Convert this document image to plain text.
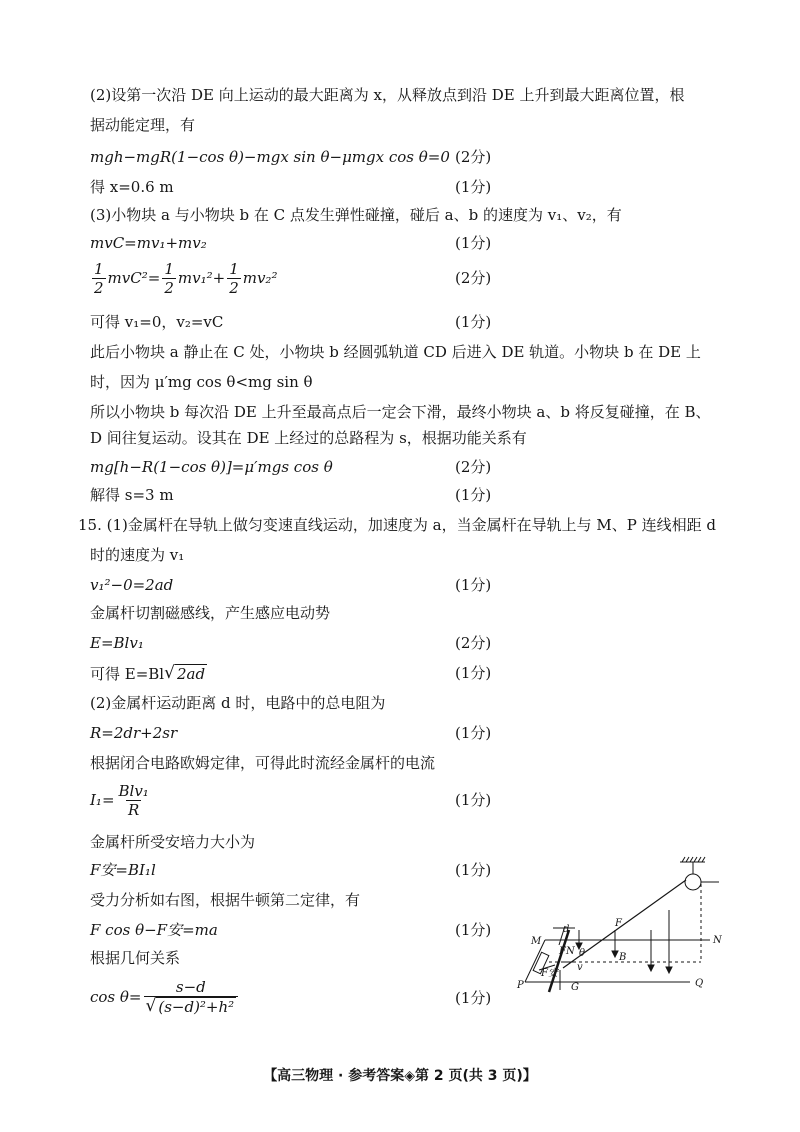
(2)设第一次沿 DE 向上运动的最大距离为 x，从释放点到沿 DE 上升到最大距离位置，根
据动能定理，有
mgh−mgR(1−cos θ)−mgx sin θ−μmgx cos θ=0 (2分)
得 x=0.6 m	(1分)
(3)小物块 a 与小物块 b 在 C 点发生弹性碰撞，碰后 a、b 的速度为 v₁、v₂，有
mvC=mv₁+mv₂	(1分)
$\frac{1}{2} mvC^2 = \frac{1}{2} mv_1^2 + \frac{1}{2} mv_2^2$	(2分)
可得 v₁=0，v₂=vC	(1分)
此后小物块 a 静止在 C 处，小物块 b 经圆弧轨道 CD 后进入 DE 轨道。小物块 b 在 DE 上
时，因为 μ′mg cos θ<mg sin θ
所以小物块 b 每次沿 DE 上升至最高点后一定会下滑，最终小物块 a、b 将反复碰撞，在 B、
D 间往复运动。设其在 DE 上经过的总路程为 s，根据功能关系有
mg[h−R(1−cos θ)]=μ′mgs cos θ	(2分)
解得 s=3 m	(1分)
15. (1)金属杆在导轨上做匀变速直线运动，加速度为 a，当金属杆在导轨上与 M、P 连线相距 d
时的速度为 v₁
v₁²−0=2ad	(1分)
金属杆切割磁感线，产生感应电动势
E=Blv₁	(2分)
可得 E=Bl √ 2ad	(1分)
(2)金属杆运动距离 d 时，电路中的总电阻为
R=2dr+2sr	(1分)
根据闭合电路欧姆定律，可得此时流经金属杆的电流
$I_1= \frac{\text{Blv₁}}{R}$	(1分)
金属杆所受安培力大小为
F安=BI₁l	(1分)
受力分析如右图，根据牛顿第二定律，有
F cos θ−F安=ma	(1分)
根据几何关系
$\cos \theta= \frac{s-d}{\text{√ (s−d)²+h²}}$	(1分)
M	N
P	Q
B
F
FN
F安
G
d
θ
v
【高三物理 · 参考答案◈第 2 页(共 3 页)】
